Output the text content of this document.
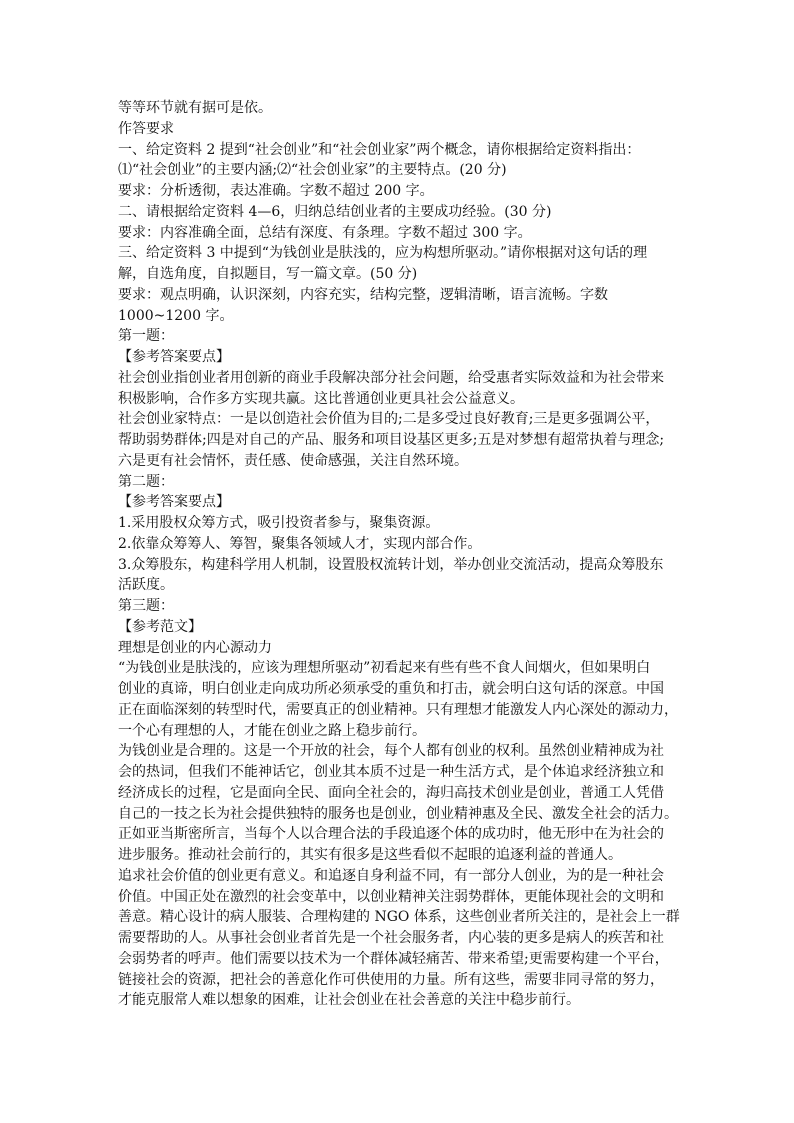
等等环节就有据可是依。
作答要求
一、给定资料 2 提到“社会创业”和“社会创业家”两个概念，请你根据给定资料指出：
⑴“社会创业”的主要内涵;⑵“社会创业家”的主要特点。(20 分)
要求：分析透彻，表达准确。字数不超过 200 字。
二、请根据给定资料 4—6，归纳总结创业者的主要成功经验。(30 分)
要求：内容准确全面，总结有深度、有条理。字数不超过 300 字。
三、给定资料 3 中提到“为钱创业是肤浅的，应为构想所驱动。”请你根据对这句话的理
解，自选角度，自拟题目，写一篇文章。(50 分)
要求：观点明确，认识深刻，内容充实，结构完整，逻辑清晰，语言流畅。字数
1000~1200 字。
第一题：
【参考答案要点】
社会创业指创业者用创新的商业手段解决部分社会问题，给受惠者实际效益和为社会带来
积极影响，合作多方实现共赢。这比普通创业更具社会公益意义。
社会创业家特点：一是以创造社会价值为目的;二是多受过良好教育;三是更多强调公平，
帮助弱势群体;四是对自己的产品、服务和项目设基区更多;五是对梦想有超常执着与理念;
六是更有社会情怀，责任感、使命感强，关注自然环境。
第二题：
【参考答案要点】
1.采用股权众筹方式，吸引投资者参与，聚集资源。
2.依靠众筹筹人、筹智，聚集各领域人才，实现内部合作。
3.众筹股东，构建科学用人机制，设置股权流转计划，举办创业交流活动，提高众筹股东
活跃度。
第三题：
【参考范文】
理想是创业的内心源动力
“为钱创业是肤浅的，应该为理想所驱动”初看起来有些有些不食人间烟火，但如果明白
创业的真谛，明白创业走向成功所必须承受的重负和打击，就会明白这句话的深意。中国
正在面临深刻的转型时代，需要真正的创业精神。只有理想才能激发人内心深处的源动力，
一个心有理想的人，才能在创业之路上稳步前行。
为钱创业是合理的。这是一个开放的社会，每个人都有创业的权利。虽然创业精神成为社
会的热词，但我们不能神话它，创业其本质不过是一种生活方式，是个体追求经济独立和
经济成长的过程，它是面向全民、面向全社会的，海归高技术创业是创业，普通工人凭借
自己的一技之长为社会提供独特的服务也是创业，创业精神惠及全民、激发全社会的活力。
正如亚当斯密所言，当每个人以合理合法的手段追逐个体的成功时，他无形中在为社会的
进步服务。推动社会前行的，其实有很多是这些看似不起眼的追逐利益的普通人。
追求社会价值的创业更有意义。和追逐自身利益不同，有一部分人创业，为的是一种社会
价值。中国正处在激烈的社会变革中，以创业精神关注弱势群体，更能体现社会的文明和
善意。精心设计的病人服装、合理构建的 NGO 体系，这些创业者所关注的，是社会上一群
需要帮助的人。从事社会创业者首先是一个社会服务者，内心装的更多是病人的疾苦和社
会弱势者的呼声。他们需要以技术为一个群体减轻痛苦、带来希望;更需要构建一个平台，
链接社会的资源，把社会的善意化作可供使用的力量。所有这些，需要非同寻常的努力，
才能克服常人难以想象的困难，让社会创业在社会善意的关注中稳步前行。
